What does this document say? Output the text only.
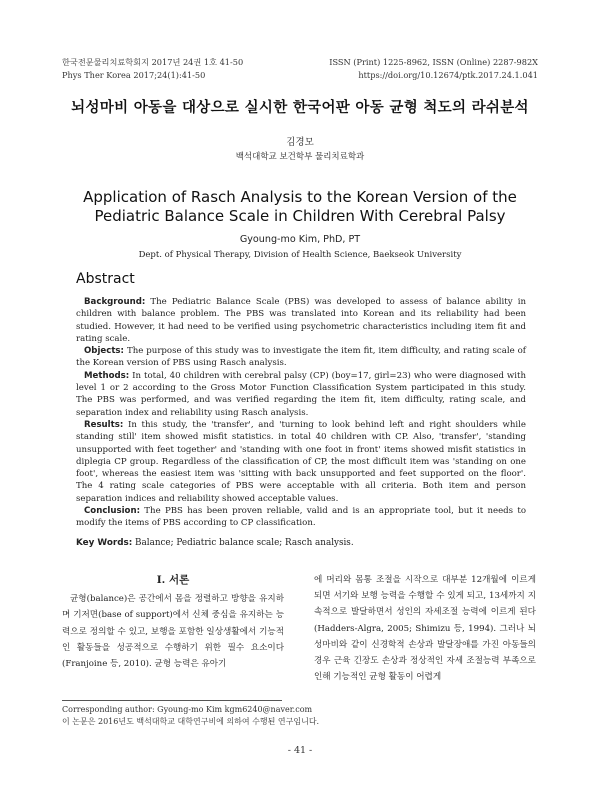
한국전문물리치료학회지 2017년 24권 1호 41-50
Phys Ther Korea 2017;24(1):41-50
ISSN (Print) 1225-8962, ISSN (Online) 2287-982X
https://doi.org/10.12674/ptk.2017.24.1.041
뇌성마비 아동을 대상으로 실시한 한국어판 아동 균형 척도의 라쉬분석
김경모
백석대학교 보건학부 물리치료학과
Application of Rasch Analysis to the Korean Version of the
Pediatric Balance Scale in Children With Cerebral Palsy
Gyoung-mo Kim, PhD, PT
Dept. of Physical Therapy, Division of Health Science, Baekseok University
Abstract

Background: The Pediatric Balance Scale (PBS) was developed to assess of balance ability in children with balance problem. The PBS was translated into Korean and its reliability had been studied. However, it had need to be verified using psychometric characteristics including item fit and rating scale.

Objects: The purpose of this study was to investigate the item fit, item difficulty, and rating scale of the Korean version of PBS using Rasch analysis.

Methods: In total, 40 children with cerebral palsy (CP) (boy=17, girl=23) who were diagnosed with level 1 or 2 according to the Gross Motor Function Classification System participated in this study. The PBS was performed, and was verified regarding the item fit, item difficulty, rating scale, and separation index and reliability using Rasch analysis.

Results: In this study, the 'transfer', and 'turning to look behind left and right shoulders while standing still' item showed misfit statistics. in total 40 children with CP. Also, 'transfer', 'standing unsupported with feet together' and 'standing with one foot in front' items showed misfit statistics in diplegia CP group. Regardless of the classification of CP, the most difficult item was 'standing on one foot', whereas the easiest item was 'sitting with back unsupported and feet supported on the floor'. The 4 rating scale categories of PBS were acceptable with all criteria. Both item and person separation indices and reliability showed acceptable values.

Conclusion: The PBS has been proven reliable, valid and is an appropriate tool, but it needs to modify the items of PBS according to CP classification.

Key Words: Balance; Pediatric balance scale; Rasch analysis.
Ⅰ. 서론

균형(balance)은 공간에서 몸을 정렬하고 방향을 유지하며 기저면(base of support)에서 신체 중심을 유지하는 능력으로 정의할 수 있고, 보행을 포함한 일상생활에서 기능적인 활동들을 성공적으로 수행하기 위한 필수 요소이다(Franjoine 등, 2010). 균형 능력은 유아기

에 머리와 몸통 조절을 시작으로 대부분 12개월에 이르게 되면 서기와 보행 능력을 수행할 수 있게 되고, 13세까지 지속적으로 발달하면서 성인의 자세조절 능력에 이르게 된다(Hadders-Algra, 2005; Shimizu 등, 1994). 그러나 뇌성마비와 같이 신경학적 손상과 발달장애를 가진 아동들의 경우 근육 긴장도 손상과 정상적인 자세 조절능력 부족으로 인해 기능적인 균형 활동이 어렵게

Corresponding author: Gyoung-mo Kim kgm6240@naver.com
이 논문은 2016년도 백석대학교 대학연구비에 의하여 수행된 연구임니다.
- 41 -
